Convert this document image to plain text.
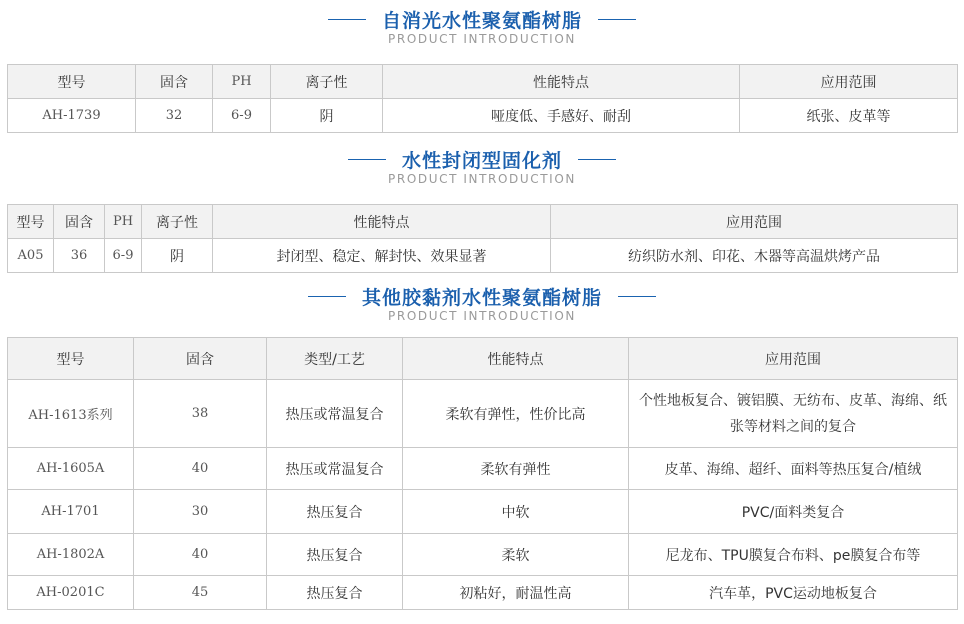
自消光水性聚氨酯树脂
PRODUCT INTRODUCTION
型号	固含	PH	离子性	性能特点	应用范围
AH-1739	32	6-9	阴	哑度低、手感好、耐刮	纸张、皮革等
水性封闭型固化剂
PRODUCT INTRODUCTION
型号	固含	PH	离子性	性能特点	应用范围
A05	36	6-9	阴	封闭型、稳定、解封快、效果显著	纺织防水剂、印花、木器等高温烘烤产品
其他胶黏剂水性聚氨酯树脂
PRODUCT INTRODUCTION
型号	固含	类型/工艺	性能特点	应用范围
AH-1613系列	38	热压或常温复合	柔软有弹性，性价比高	个性地板复合、镀铝膜、无纺布、皮革、海绵、纸张等材料之间的复合
AH-1605A	40	热压或常温复合	柔软有弹性	皮革、海绵、超纤、面料等热压复合/植绒
AH-1701	30	热压复合	中软	PVC/面料类复合
AH-1802A	40	热压复合	柔软	尼龙布、TPU膜复合布料、pe膜复合布等
AH-0201C	45	热压复合	初粘好，耐温性高	汽车革，PVC运动地板复合
